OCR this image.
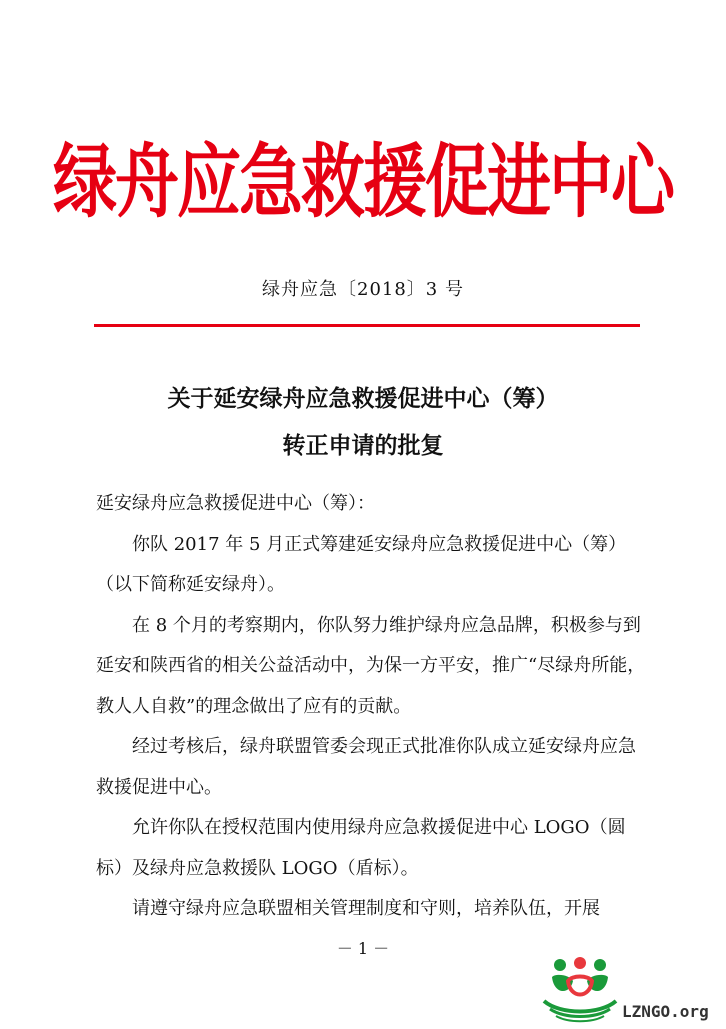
绿舟应急救援促进中心
绿舟应急〔2018〕3 号
关于延安绿舟应急救援促进中心（筹）
转正申请的批复

延安绿舟应急救援促进中心（筹）：

你队 2017 年 5 月正式筹建延安绿舟应急救援促进中心（筹）（以下简称延安绿舟）。

在 8 个月的考察期内，你队努力维护绿舟应急品牌，积极参与到延安和陕西省的相关公益活动中，为保一方平安，推广“尽绿舟所能，教人人自救”的理念做出了应有的贡献。

经过考核后，绿舟联盟管委会现正式批准你队成立延安绿舟应急救援促进中心。

允许你队在授权范围内使用绿舟应急救援促进中心 LOGO（圆标）及绿舟应急救援队 LOGO（盾标）。

请遵守绿舟应急联盟相关管理制度和守则，培养队伍，开展

－ 1 －
LZNGO.org
